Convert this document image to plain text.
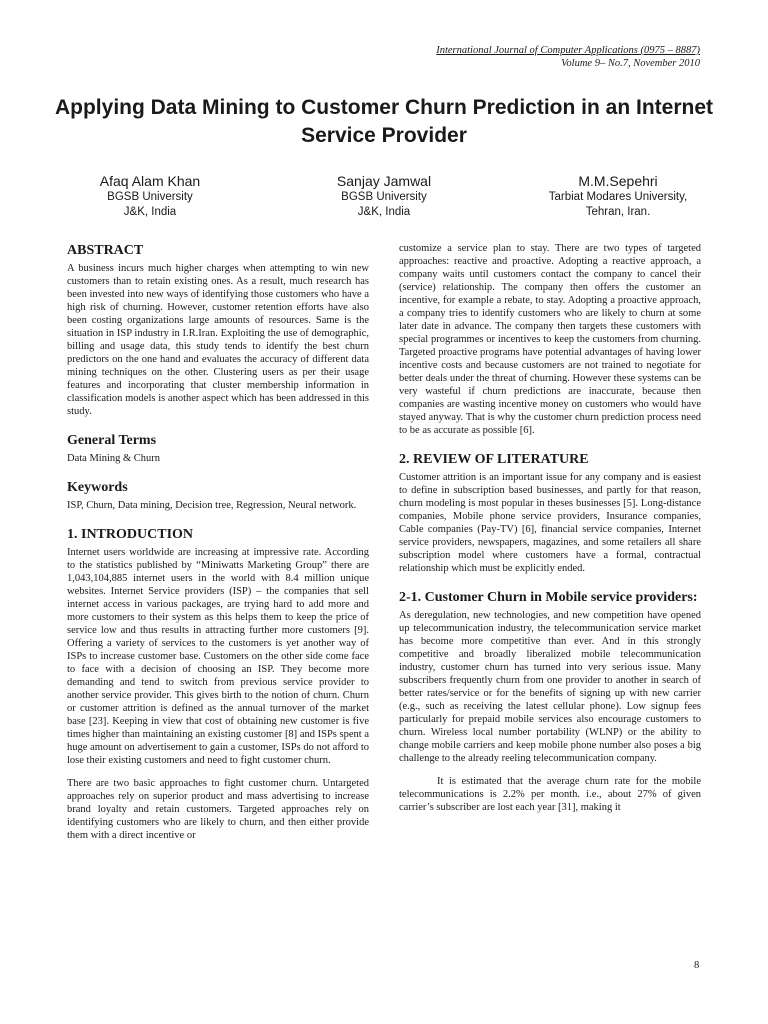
International Journal of Computer Applications (0975 – 8887)
Volume 9– No.7, November 2010
Applying Data Mining to Customer Churn Prediction in an Internet Service Provider
Afaq Alam Khan
BGSB University
J&K, India
Sanjay Jamwal
BGSB University
J&K, India
M.M.Sepehri
Tarbiat Modares University,
Tehran, Iran.
ABSTRACT

A business incurs much higher charges when attempting to win new customers than to retain existing ones. As a result, much research has been invested into new ways of identifying those customers who have a high risk of churning. However, customer retention efforts have also been costing organizations large amounts of resources. Same is the situation in ISP industry in I.R.Iran. Exploiting the use of demographic, billing and usage data, this study tends to identify the best churn predictors on the one hand and evaluates the accuracy of different data mining techniques on the other. Clustering users as per their usage features and incorporating that cluster membership information in classification models is another aspect which has been addressed in this study.

General Terms

Data Mining & Churn

Keywords

ISP, Churn, Data mining, Decision tree, Regression, Neural network.

1. INTRODUCTION

Internet users worldwide are increasing at impressive rate. According to the statistics published by “Miniwatts Marketing Group” there are 1,043,104,885 internet users in the world with 8.4 million unique websites. Internet Service providers (ISP) – the companies that sell internet access in various packages, are trying hard to add more and more customers to their system as this helps them to keep the price of service low and thus results in attracting further more customers [9]. Offering a variety of services to the customers is yet another way of ISPs to increase customer base. Customers on the other side come face to face with a decision of choosing an ISP. They become more demanding and tend to switch from previous service provider to another service provider. This gives birth to the notion of churn. Churn or customer attrition is defined as the annual turnover of the market base [23]. Keeping in view that cost of obtaining new customer is five times higher than maintaining an existing customer [8] and ISPs spent a huge amount on advertisement to gain a customer, ISPs do not afford to lose their existing customers and need to fight customer churn.

There are two basic approaches to fight customer churn. Untargeted approaches rely on superior product and mass advertising to increase brand loyalty and retain customers. Targeted approaches rely on identifying customers who are likely to churn, and then either provide them with a direct incentive or

customize a service plan to stay. There are two types of targeted approaches: reactive and proactive. Adopting a reactive approach, a company waits until customers contact the company to cancel their (service) relationship. The company then offers the customer an incentive, for example a rebate, to stay. Adopting a proactive approach, a company tries to identify customers who are likely to churn at some later date in advance. The company then targets these customers with special programmes or incentives to keep the customers from churning. Targeted proactive programs have potential advantages of having lower incentive costs and because customers are not trained to negotiate for better deals under the threat of churning. However these systems can be very wasteful if churn predictions are inaccurate, because then companies are wasting incentive money on customers who would have stayed anyway. That is why the customer churn prediction process need to be as accurate as possible [6].

2. REVIEW OF LITERATURE

Customer attrition is an important issue for any company and is easiest to define in subscription based businesses, and partly for that reason, churn modeling is most popular in theses businesses [5]. Long-distance companies, Mobile phone service providers, Insurance companies, Cable companies (Pay-TV) [6], financial service companies, Internet service providers, newspapers, magazines, and some retailers all share subscription model where customers have a formal, contractual relationship which must be explicitly ended.

2-1. Customer Churn in Mobile service providers:

As deregulation, new technologies, and new competition have opened up telecommunication industry, the telecommunication service market has become more competitive than ever. And in this strongly competitive and broadly liberalized mobile telecommunication industry, customer churn has turned into very serious issue. Many subscribers frequently churn from one provider to another in search of better rates/service or for the benefits of signing up with new carrier (e.g., such as receiving the latest cellular phone). Low signup fees particularly for prepaid mobile services also encourage customers to churn. Wireless local number portability (WLNP) or the ability to change mobile carriers and keep mobile phone number also poses a big challenge to the already reeling telecommunication company.

It is estimated that the average churn rate for the mobile telecommunications is 2.2% per month. i.e., about 27% of given carrier’s subscriber are lost each year [31], making it

8
